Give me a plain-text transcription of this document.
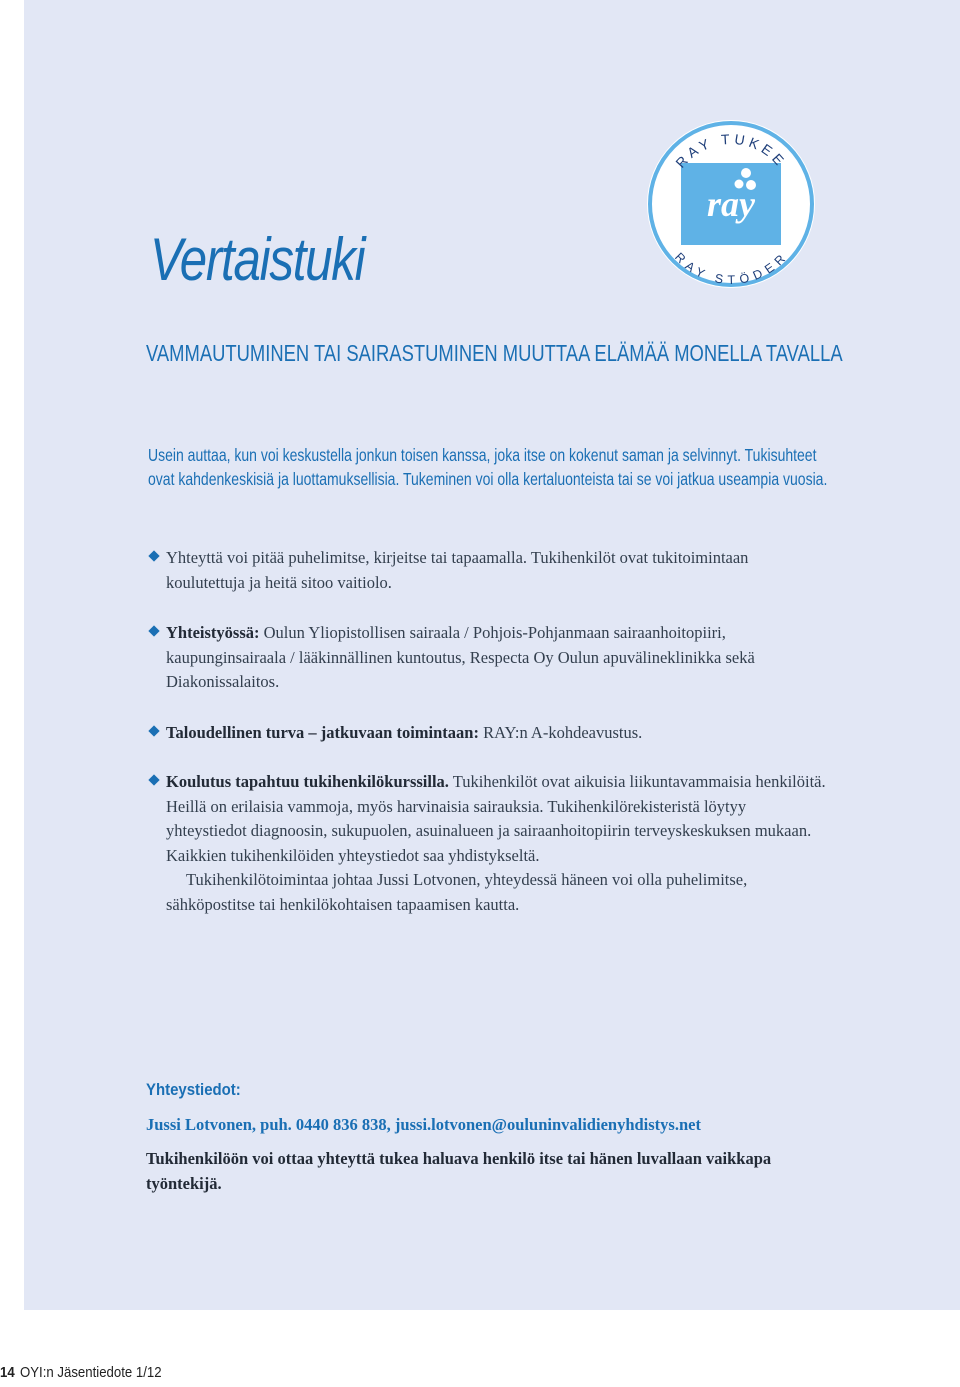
ray
RAY TUKEE
RAY STÖDER
Vertaistuki
VAMMAUTUMINEN TAI SAIRASTUMINEN MUUTTAA ELÄMÄÄ MONELLA TAVALLA

Usein auttaa, kun voi keskustella jonkun toisen kanssa, joka itse on kokenut saman ja selvinnyt. Tukisuhteet ovat kahdenkeskisiä ja luottamuksellisia. Tukeminen voi olla kertaluonteista tai se voi jatkua useampia vuosia.

Yhteyttä voi pitää puhelimitse, kirjeitse tai tapaamalla. Tukihenkilöt ovat tukitoimintaan koulutettuja ja heitä sitoo vaitiolo.
Yhteistyössä: Oulun Yliopistollisen sairaala / Pohjois-Pohjanmaan sairaanhoitopiiri, kaupunginsairaala / lääkinnällinen kuntoutus, Respecta Oy Oulun apuvälineklinikka sekä Diakonissalaitos.
Taloudellinen turva – jatkuvaan toimintaan: RAY:n A-kohdeavustus.
Koulutus tapahtuu tukihenkilökurssilla. Tukihenkilöt ovat aikuisia liikuntavammaisia henkilöitä. Heillä on erilaisia vammoja, myös harvinaisia sairauksia. Tukihenkilörekisteristä löytyy yhteystiedot diagnoosin, sukupuolen, asuinalueen ja sairaanhoitopiirin terveyskeskuksen mukaan. Kaikkien tukihenkilöiden yhteystiedot saa yhdistykseltä.
Tukihenkilötoimintaa johtaa Jussi Lotvonen, yhteydessä häneen voi olla puhelimitse, sähköpostitse tai henkilökohtaisen tapaamisen kautta.
Yhteystiedot:
Jussi Lotvonen, puh. 0440 836 838, jussi.lotvonen@ouluninvalidienyhdistys.net
Tukihenkilöön voi ottaa yhteyttä tukea haluava henkilö itse tai hänen luvallaan vaikkapa työntekijä.
14 OYI:n Jäsentiedote 1/12
